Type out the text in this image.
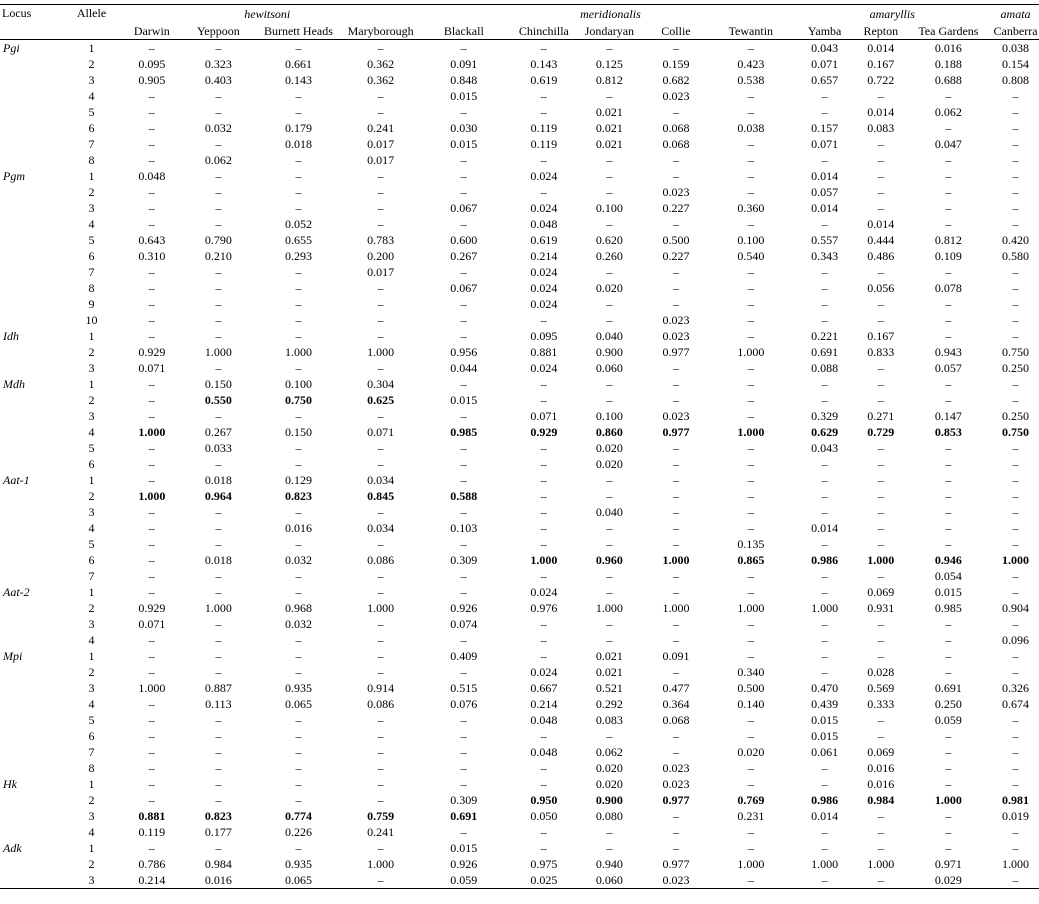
Locus	Allele	hewitsoni					meridionalis				amaryllis			amata
		Darwin	Yeppoon	Burnett Heads	Maryborough	Blackall	Chinchilla	Jondaryan	Collie	Tewantin	Yamba	Repton	Tea Gardens	Canberra
Pgi	1	–	–	–	–	–	–	–	–	–	0.043	0.014	0.016	0.038
	2	0.095	0.323	0.661	0.362	0.091	0.143	0.125	0.159	0.423	0.071	0.167	0.188	0.154
	3	0.905	0.403	0.143	0.362	0.848	0.619	0.812	0.682	0.538	0.657	0.722	0.688	0.808
	4	–	–	–	–	0.015	–	–	0.023	–	–	–	–	–
	5	–	–	–	–	–	–	0.021	–	–	–	0.014	0.062	–
	6	–	0.032	0.179	0.241	0.030	0.119	0.021	0.068	0.038	0.157	0.083	–	–
	7	–	–	0.018	0.017	0.015	0.119	0.021	0.068	–	0.071	–	0.047	–
	8	–	0.062	–	0.017	–	–	–	–	–	–	–	–	–
Pgm	1	0.048	–	–	–	–	0.024	–	–	–	0.014	–	–	–
	2	–	–	–	–	–	–	–	0.023	–	0.057	–	–	–
	3	–	–	–	–	0.067	0.024	0.100	0.227	0.360	0.014	–	–	–
	4	–	–	0.052	–	–	0.048	–	–	–	–	0.014	–	–
	5	0.643	0.790	0.655	0.783	0.600	0.619	0.620	0.500	0.100	0.557	0.444	0.812	0.420
	6	0.310	0.210	0.293	0.200	0.267	0.214	0.260	0.227	0.540	0.343	0.486	0.109	0.580
	7	–	–	–	0.017	–	0.024	–	–	–	–	–	–	–
	8	–	–	–	–	0.067	0.024	0.020	–	–	–	0.056	0.078	–
	9	–	–	–	–	–	0.024	–	–	–	–	–	–	–
	10	–	–	–	–	–	–	–	0.023	–	–	–	–	–
Idh	1	–	–	–	–	–	0.095	0.040	0.023	–	0.221	0.167	–	–
	2	0.929	1.000	1.000	1.000	0.956	0.881	0.900	0.977	1.000	0.691	0.833	0.943	0.750
	3	0.071	–	–	–	0.044	0.024	0.060	–	–	0.088	–	0.057	0.250
Mdh	1	–	0.150	0.100	0.304	–	–	–	–	–	–	–	–	–
	2	–	0.550	0.750	0.625	0.015	–	–	–	–	–	–	–	–
	3	–	–	–	–	–	0.071	0.100	0.023	–	0.329	0.271	0.147	0.250
	4	1.000	0.267	0.150	0.071	0.985	0.929	0.860	0.977	1.000	0.629	0.729	0.853	0.750
	5	–	0.033	–	–	–	–	0.020	–	–	0.043	–	–	–
	6	–	–	–	–	–	–	0.020	–	–	–	–	–	–
Aat-1	1	–	0.018	0.129	0.034	–	–	–	–	–	–	–	–	–
	2	1.000	0.964	0.823	0.845	0.588	–	–	–	–	–	–	–	–
	3	–	–	–	–	–	–	0.040	–	–	–	–	–	–
	4	–	–	0.016	0.034	0.103	–	–	–	–	0.014	–	–	–
	5	–	–	–	–	–	–	–	–	0.135	–	–	–	–
	6	–	0.018	0.032	0.086	0.309	1.000	0.960	1.000	0.865	0.986	1.000	0.946	1.000
	7	–	–	–	–	–	–	–	–	–	–	–	0.054	–
Aat-2	1	–	–	–	–	–	0.024	–	–	–	–	0.069	0.015	–
	2	0.929	1.000	0.968	1.000	0.926	0.976	1.000	1.000	1.000	1.000	0.931	0.985	0.904
	3	0.071	–	0.032	–	0.074	–	–	–	–	–	–	–	–
	4	–	–	–	–	–	–	–	–	–	–	–	–	0.096
Mpi	1	–	–	–	–	0.409	–	0.021	0.091	–	–	–	–	–
	2	–	–	–	–	–	0.024	0.021	–	0.340	–	0.028	–	–
	3	1.000	0.887	0.935	0.914	0.515	0.667	0.521	0.477	0.500	0.470	0.569	0.691	0.326
	4	–	0.113	0.065	0.086	0.076	0.214	0.292	0.364	0.140	0.439	0.333	0.250	0.674
	5	–	–	–	–	–	0.048	0.083	0.068	–	0.015	–	0.059	–
	6	–	–	–	–	–	–	–	–	–	0.015	–	–	–
	7	–	–	–	–	–	0.048	0.062	–	0.020	0.061	0.069	–	–
	8	–	–	–	–	–	–	0.020	0.023	–	–	0.016	–	–
Hk	1	–	–	–	–	–	–	0.020	0.023	–	–	0.016	–	–
	2	–	–	–	–	0.309	0.950	0.900	0.977	0.769	0.986	0.984	1.000	0.981
	3	0.881	0.823	0.774	0.759	0.691	0.050	0.080	–	0.231	0.014	–	–	0.019
	4	0.119	0.177	0.226	0.241	–	–	–	–	–	–	–	–	–
Adk	1	–	–	–	–	0.015	–	–	–	–	–	–	–	–
	2	0.786	0.984	0.935	1.000	0.926	0.975	0.940	0.977	1.000	1.000	1.000	0.971	1.000
	3	0.214	0.016	0.065	–	0.059	0.025	0.060	0.023	–	–	–	0.029	–
